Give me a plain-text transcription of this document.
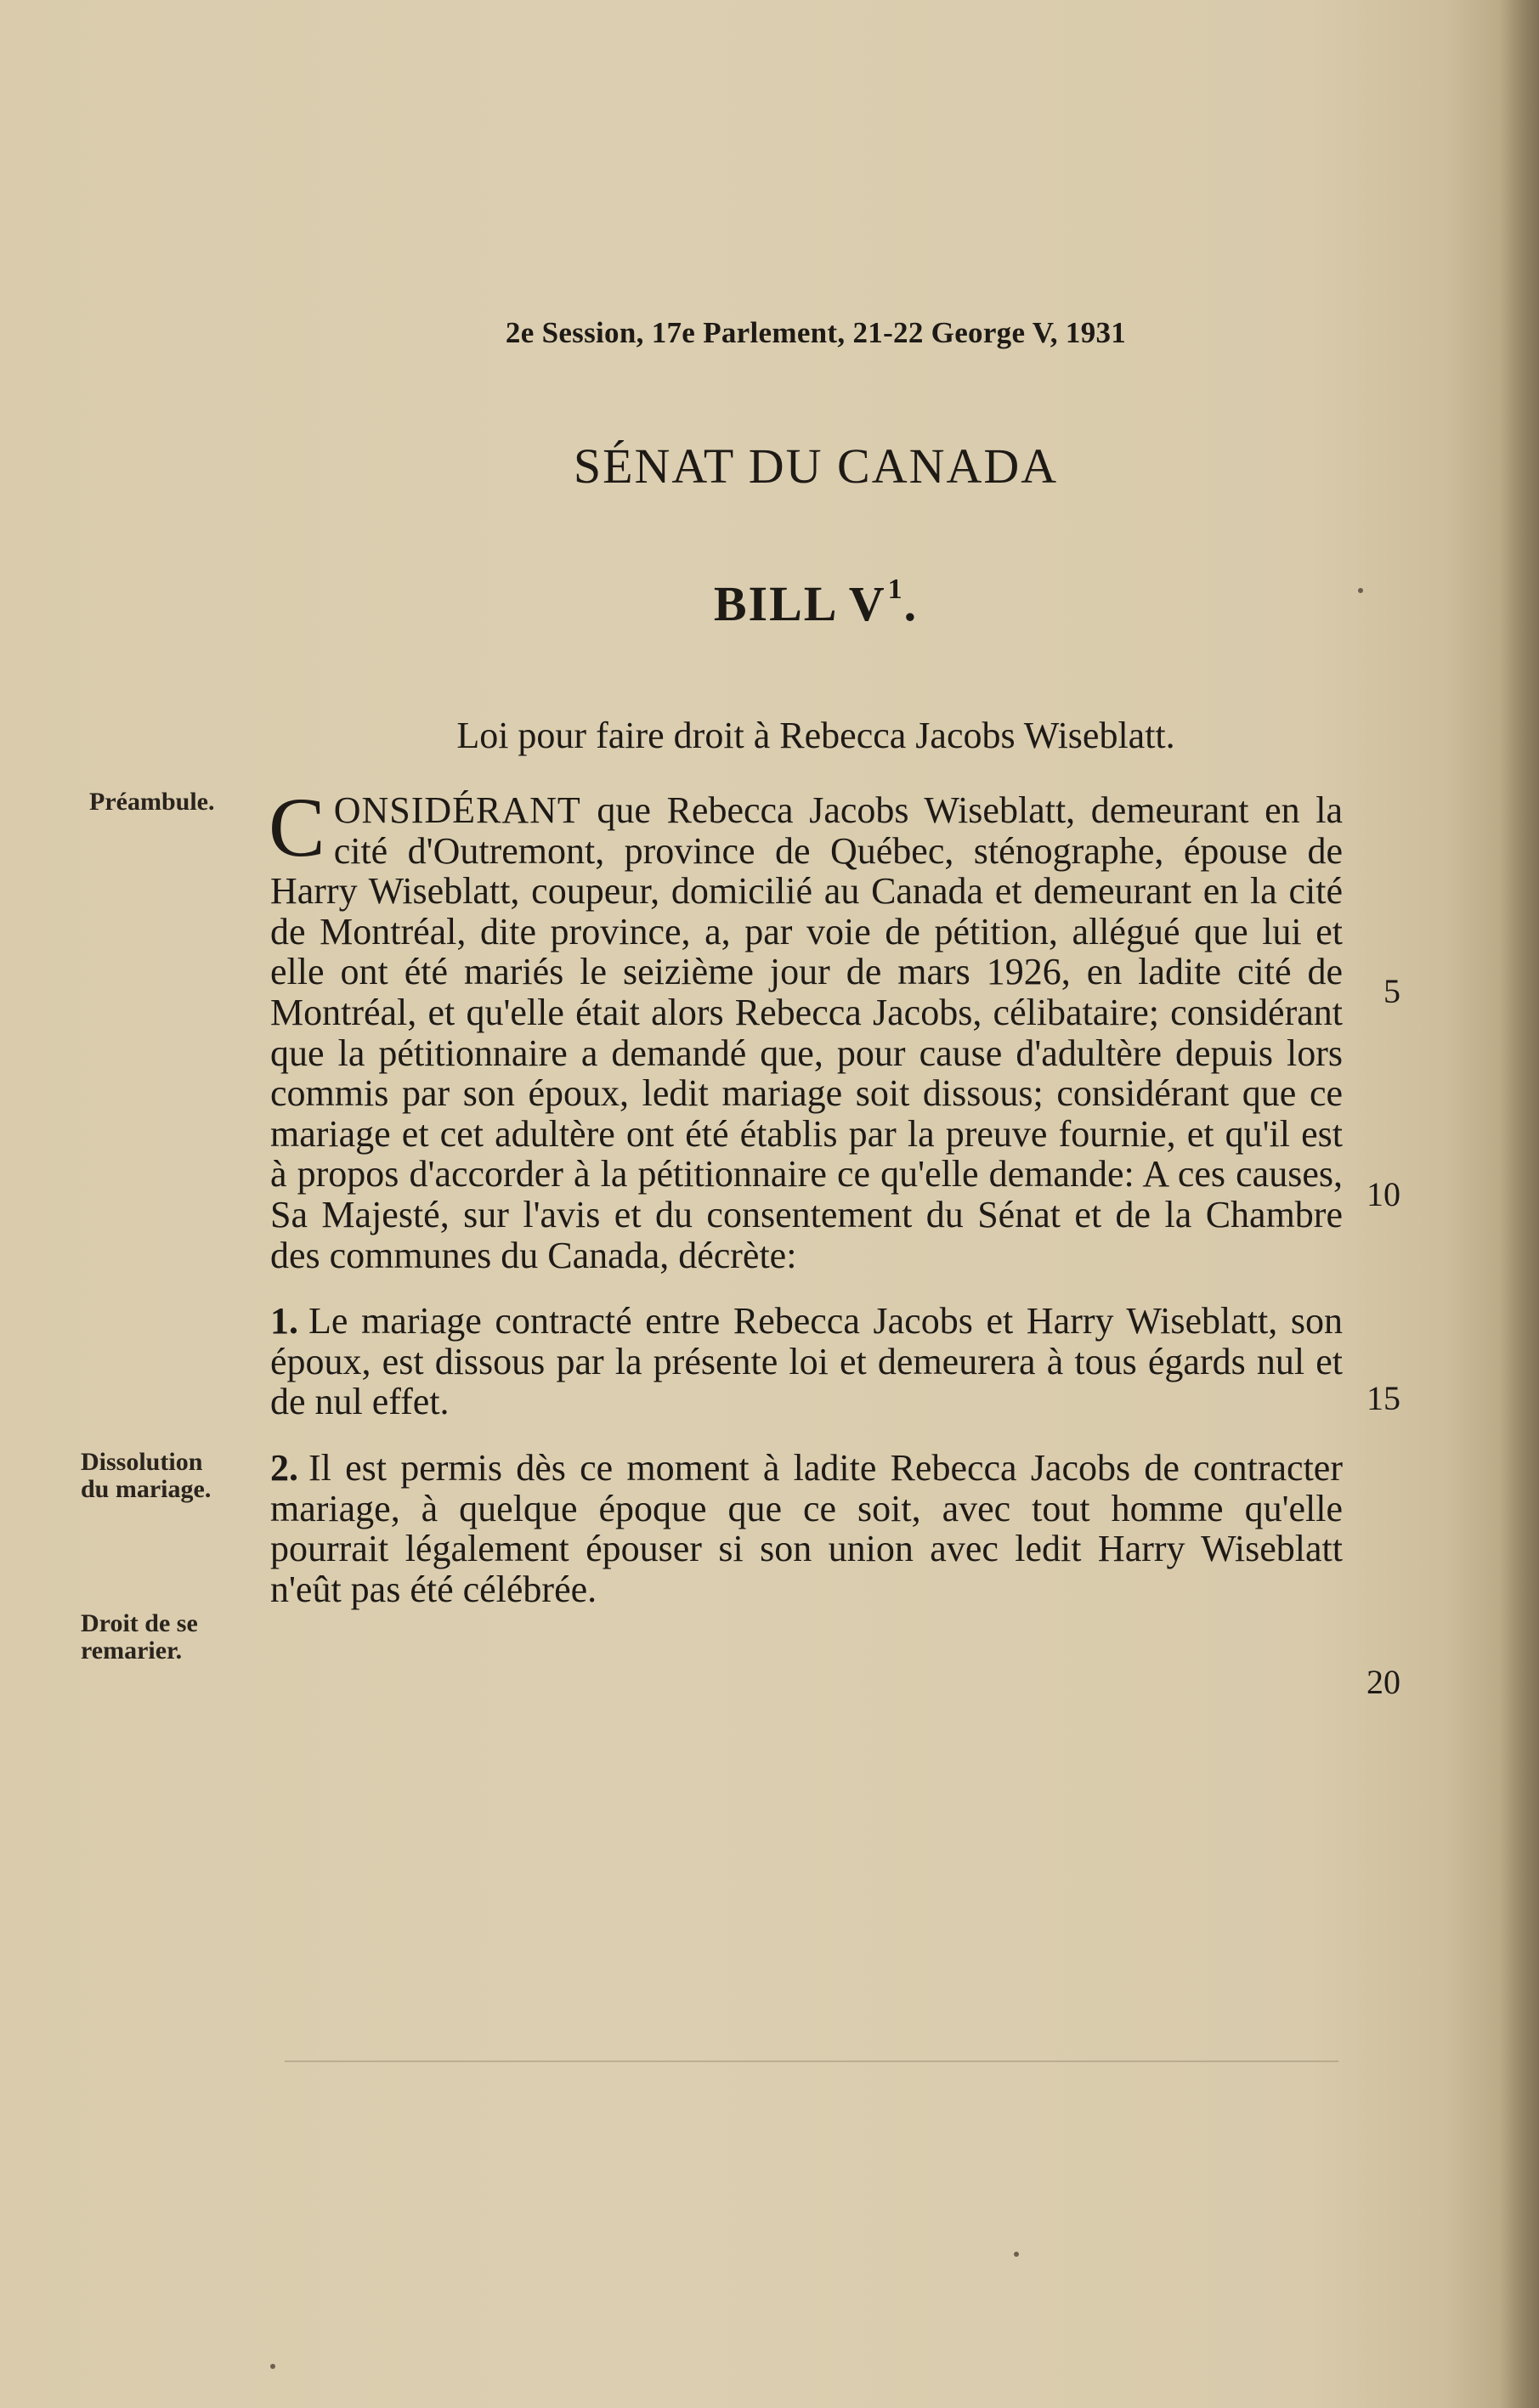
2e Session, 17e Parlement, 21-22 George V, 1931
SÉNAT DU CANADA
BILL $V^1$.
Loi pour faire droit à Rebecca Jacobs Wiseblatt.
Préambule.
Dissolution
du mariage.
Droit de se
remarier.

CONSIDÉRANT que Rebecca Jacobs Wiseblatt, demeurant en la cité d'Outremont, province de Québec, sténographe, épouse de Harry Wiseblatt, coupeur, domicilié au Canada et demeurant en la cité de Montréal, dite province, a, par voie de pétition, allégué que lui et elle ont été mariés le seizième jour de mars 1926, en ladite cité de Montréal, et qu'elle était alors Rebecca Jacobs, célibataire; considérant que la pétitionnaire a demandé que, pour cause d'adultère depuis lors commis par son époux, ledit mariage soit dissous; considérant que ce mariage et cet adultère ont été établis par la preuve fournie, et qu'il est à propos d'accorder à la pétitionnaire ce qu'elle demande: A ces causes, Sa Majesté, sur l'avis et du consentement du Sénat et de la Chambre des communes du Canada, décrète:

1. Le mariage contracté entre Rebecca Jacobs et Harry Wiseblatt, son époux, est dissous par la présente loi et demeurera à tous égards nul et de nul effet.

2. Il est permis dès ce moment à ladite Rebecca Jacobs de contracter mariage, à quelque époque que ce soit, avec tout homme qu'elle pourrait légalement épouser si son union avec ledit Harry Wiseblatt n'eût pas été célébrée.

5
10
15
20
